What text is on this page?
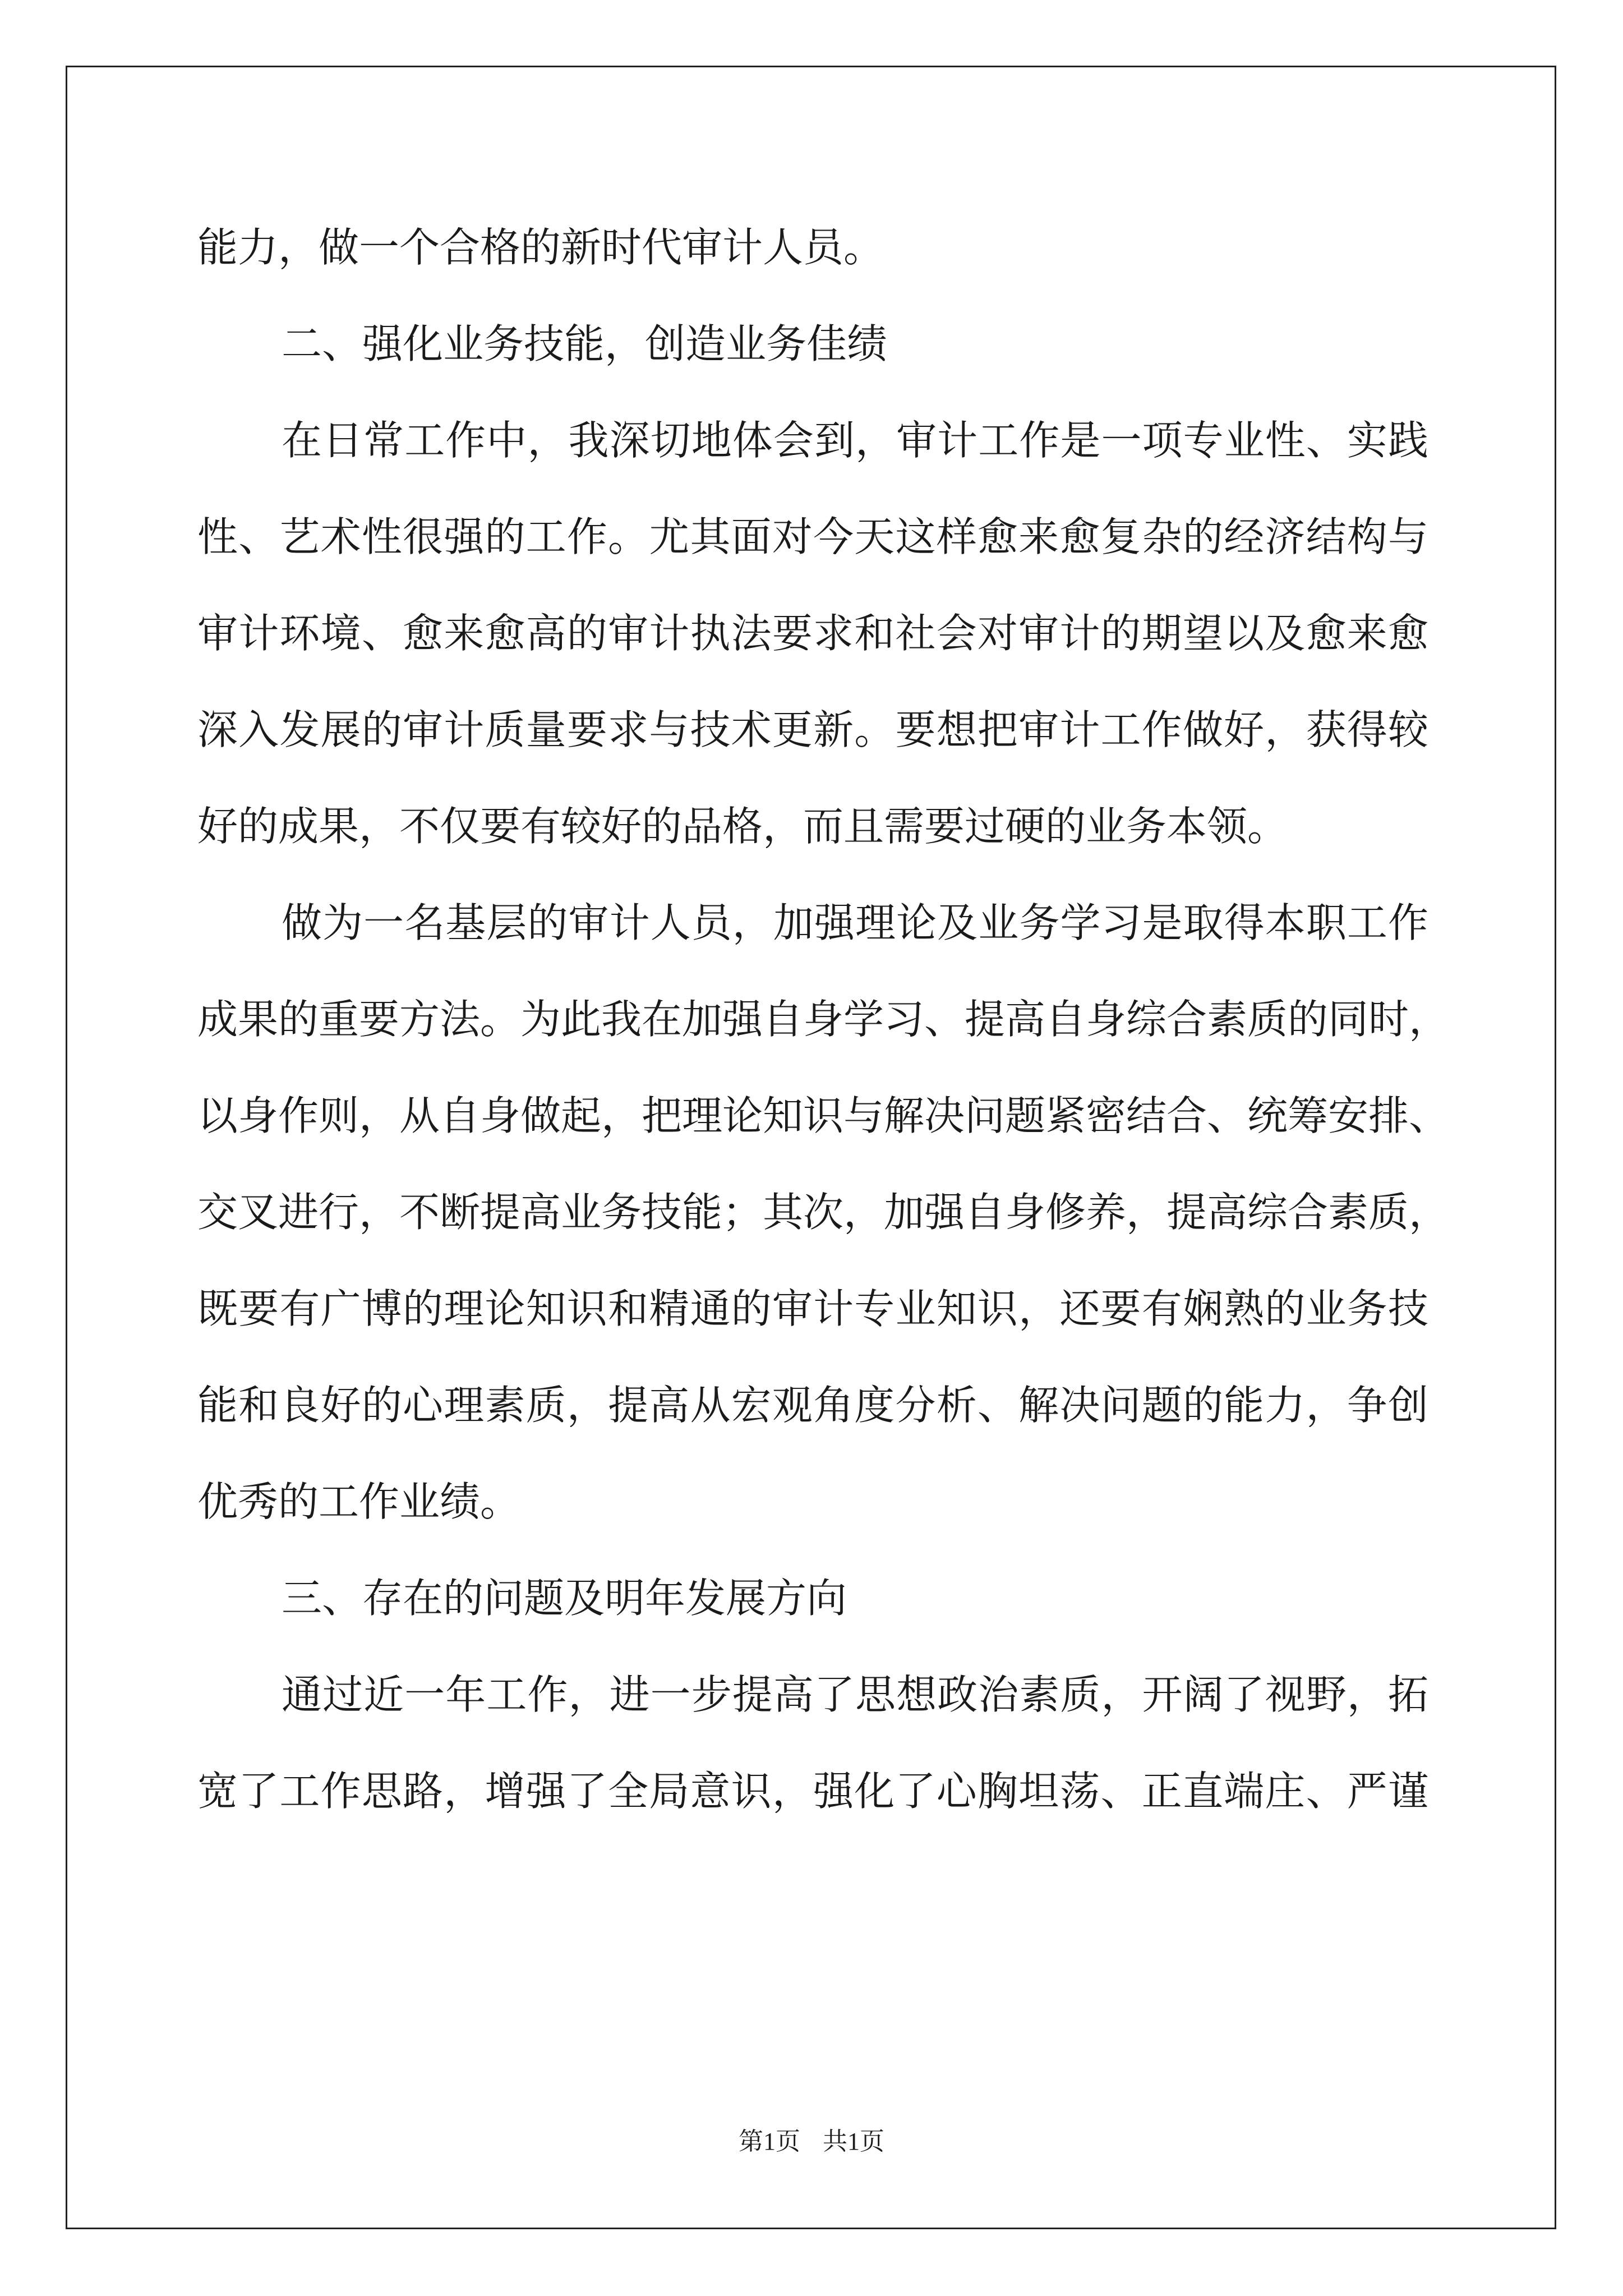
能力，做一个合格的新时代审计人员。
二、强化业务技能，创造业务佳绩
在日常工作中，我深切地体会到，审计工作是一项专业性、实践
性、艺术性很强的工作。尤其面对今天这样愈来愈复杂的经济结构与
审计环境、愈来愈高的审计执法要求和社会对审计的期望以及愈来愈
深入发展的审计质量要求与技术更新。要想把审计工作做好，获得较
好的成果，不仅要有较好的品格，而且需要过硬的业务本领。
做为一名基层的审计人员，加强理论及业务学习是取得本职工作
成果的重要方法。为此我在加强自身学习、提高自身综合素质的同时，
以身作则，从自身做起，把理论知识与解决问题紧密结合、统筹安排、
交叉进行，不断提高业务技能；其次，加强自身修养，提高综合素质，
既要有广博的理论知识和精通的审计专业知识，还要有娴熟的业务技
能和良好的心理素质，提高从宏观角度分析、解决问题的能力，争创
优秀的工作业绩。
三、存在的问题及明年发展方向
通过近一年工作，进一步提高了思想政治素质，开阔了视野，拓
宽了工作思路，增强了全局意识，强化了心胸坦荡、正直端庄、严谨
第1页 共1页
